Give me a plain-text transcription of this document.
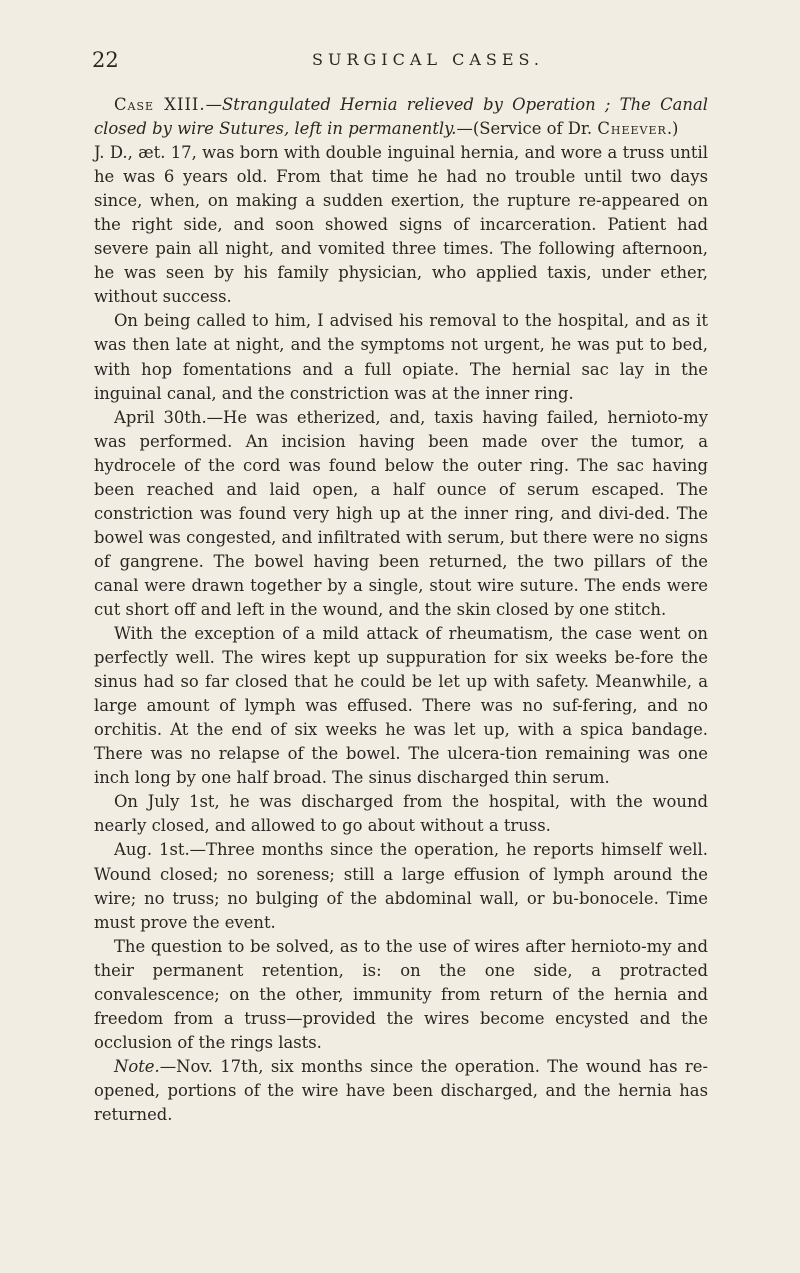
22	SURGICAL CASES.

Case XIII.—Strangulated Hernia relieved by Operation ; The Canal closed by wire Sutures, left in permanently.—(Service of Dr. Cheever.)

J. D., æt. 17, was born with double inguinal hernia, and wore a truss until he was 6 years old. From that time he had no trouble until two days since, when, on making a sudden exertion, the rupture re-appeared on the right side, and soon showed signs of incarceration. Patient had severe pain all night, and vomited three times. The following afternoon, he was seen by his family physician, who applied taxis, under ether, without success.

On being called to him, I advised his removal to the hospital, and as it was then late at night, and the symptoms not urgent, he was put to bed, with hop fomentations and a full opiate. The hernial sac lay in the inguinal canal, and the constriction was at the inner ring.

April 30th.—He was etherized, and, taxis having failed, hernioto-my was performed. An incision having been made over the tumor, a hydrocele of the cord was found below the outer ring. The sac having been reached and laid open, a half ounce of serum escaped. The constriction was found very high up at the inner ring, and divi-ded. The bowel was congested, and infiltrated with serum, but there were no signs of gangrene. The bowel having been returned, the two pillars of the canal were drawn together by a single, stout wire suture. The ends were cut short off and left in the wound, and the skin closed by one stitch.

With the exception of a mild attack of rheumatism, the case went on perfectly well. The wires kept up suppuration for six weeks be-fore the sinus had so far closed that he could be let up with safety. Meanwhile, a large amount of lymph was effused. There was no suf-fering, and no orchitis. At the end of six weeks he was let up, with a spica bandage. There was no relapse of the bowel. The ulcera-tion remaining was one inch long by one half broad. The sinus discharged thin serum.

On July 1st, he was discharged from the hospital, with the wound nearly closed, and allowed to go about without a truss.

Aug. 1st.—Three months since the operation, he reports himself well. Wound closed; no soreness; still a large effusion of lymph around the wire; no truss; no bulging of the abdominal wall, or bu-bonocele. Time must prove the event.

The question to be solved, as to the use of wires after hernioto-my and their permanent retention, is: on the one side, a protracted convalescence; on the other, immunity from return of the hernia and freedom from a truss—provided the wires become encysted and the occlusion of the rings lasts.

Note.—Nov. 17th, six months since the operation. The wound has re-opened, portions of the wire have been discharged, and the hernia has returned.
